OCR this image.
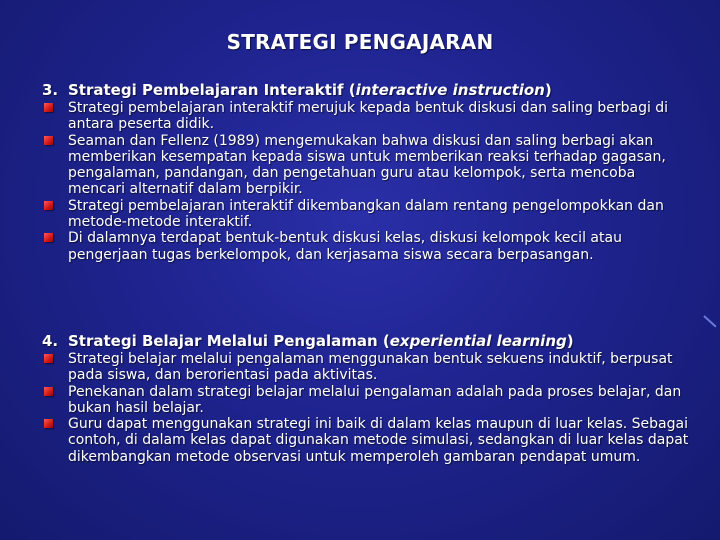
STRATEGI PENGAJARAN
3. Strategi Pembelajaran Interaktif (interactive instruction)
Strategi pembelajaran interaktif merujuk kepada bentuk diskusi dan saling berbagi di antara peserta didik.
Seaman dan Fellenz (1989) mengemukakan bahwa diskusi dan saling berbagi akan memberikan kesempatan kepada siswa untuk memberikan reaksi terhadap gagasan, pengalaman, pandangan, dan pengetahuan guru atau kelompok, serta mencoba mencari alternatif dalam berpikir.
Strategi pembelajaran interaktif dikembangkan dalam rentang pengelompokkan dan metode-metode interaktif.
Di dalamnya terdapat bentuk-bentuk diskusi kelas, diskusi kelompok kecil atau pengerjaan tugas berkelompok, dan kerjasama siswa secara berpasangan.
4. Strategi Belajar Melalui Pengalaman (experiential learning)
Strategi belajar melalui pengalaman menggunakan bentuk sekuens induktif, berpusat pada siswa, dan berorientasi pada aktivitas.
Penekanan dalam strategi belajar melalui pengalaman adalah pada proses belajar, dan bukan hasil belajar.
Guru dapat menggunakan strategi ini baik di dalam kelas maupun di luar kelas. Sebagai contoh, di dalam kelas dapat digunakan metode simulasi, sedangkan di luar kelas dapat dikembangkan metode observasi untuk memperoleh gambaran pendapat umum.
